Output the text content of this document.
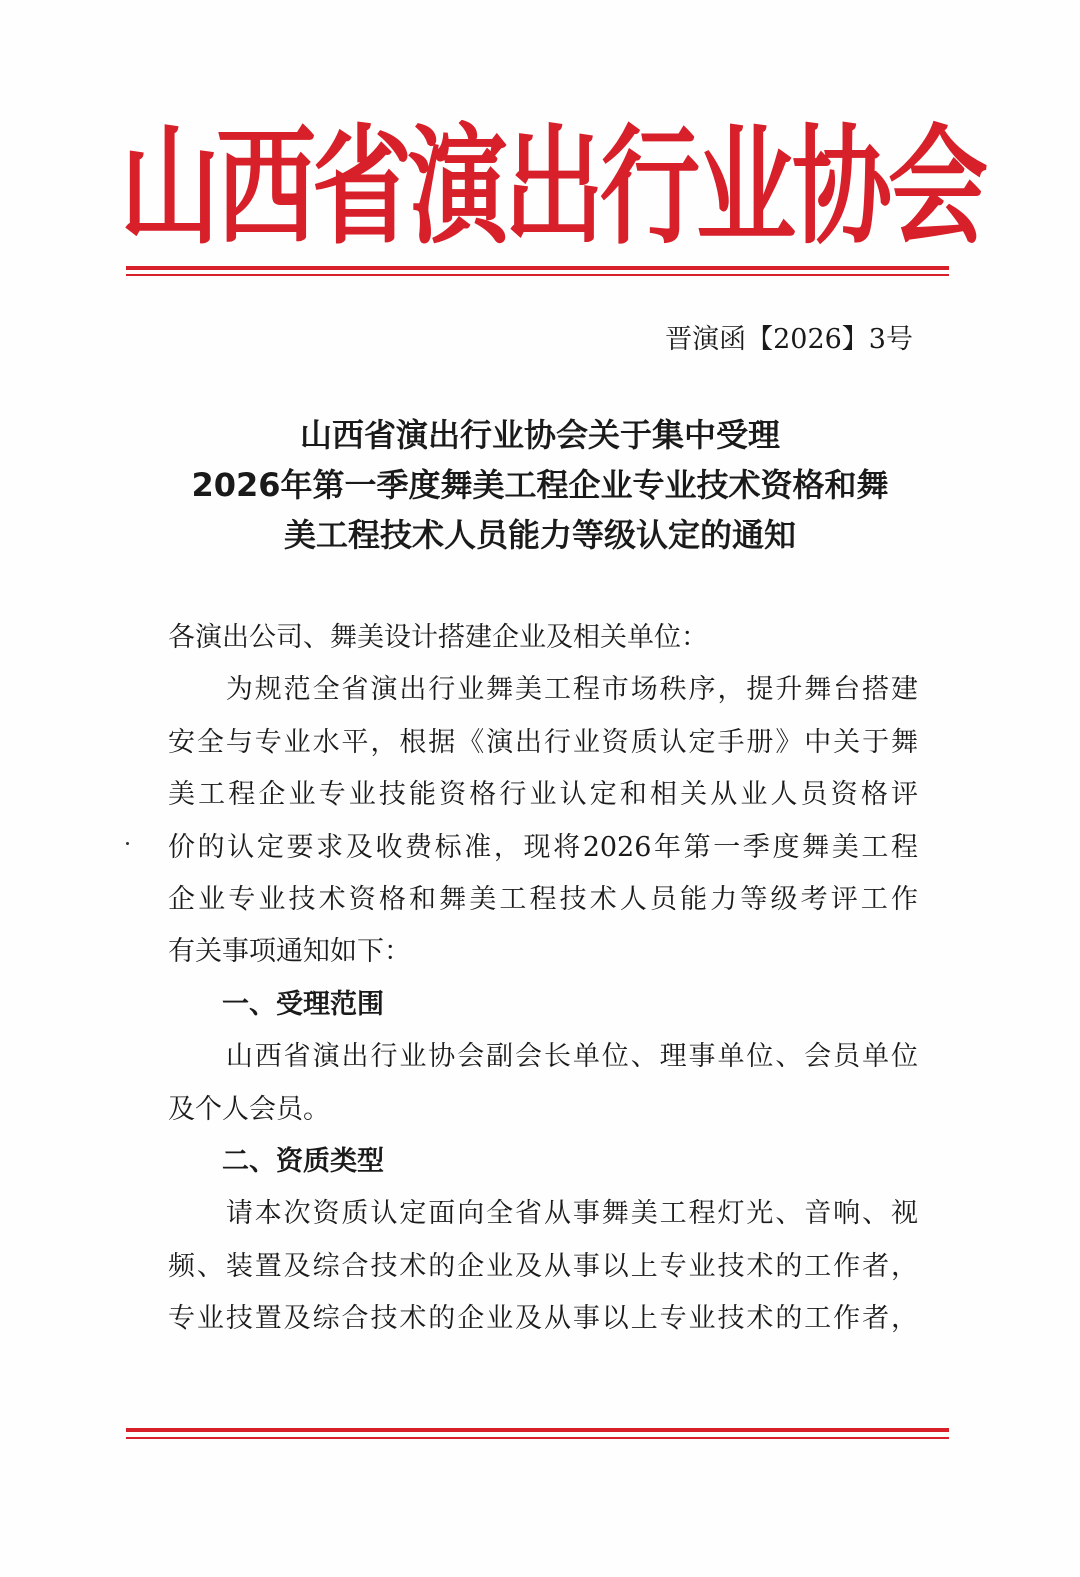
山西省演出行业协会
晋演函【2026】3号
山西省演出行业协会关于集中受理
2026年第一季度舞美工程企业专业技术资格和舞
美工程技术人员能力等级认定的通知
各演出公司、舞美设计搭建企业及相关单位：
　　为规范全省演出行业舞美工程市场秩序，提升舞台搭建
安全与专业水平，根据《演出行业资质认定手册》中关于舞
美工程企业专业技能资格行业认定和相关从业人员资格评
价的认定要求及收费标准，现将2026年第一季度舞美工程
企业专业技术资格和舞美工程技术人员能力等级考评工作
有关事项通知如下：
　　一、受理范围
　　山西省演出行业协会副会长单位、理事单位、会员单位
及个人会员。
　　二、资质类型
　　请本次资质认定面向全省从事舞美工程灯光、音响、视
频、装置及综合技术的企业及从事以上专业技术的工作者，
专业技置及综合技术的企业及从事以上专业技术的工作者，
